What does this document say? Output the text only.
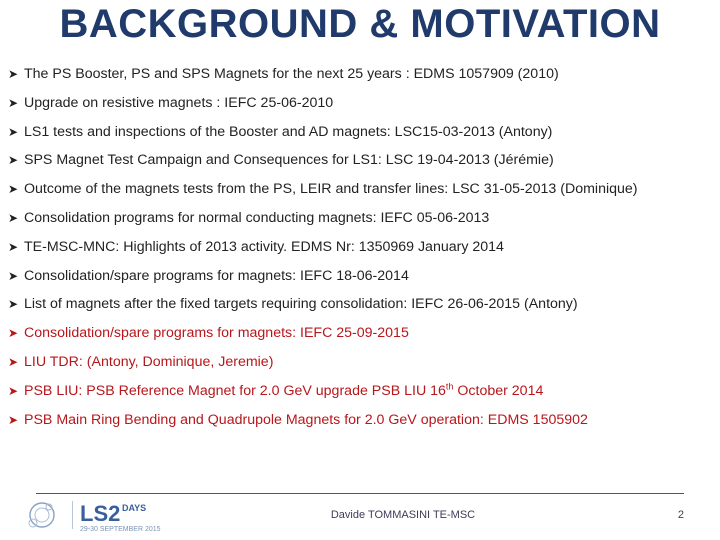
BACKGROUND & MOTIVATION
➤ The PS Booster, PS and SPS Magnets for the next 25 years : EDMS 1057909 (2010)
➤ Upgrade on resistive magnets : IEFC 25-06-2010
➤ LS1 tests and inspections of the Booster and AD magnets: LSC15-03-2013 (Antony)
➤ SPS Magnet Test Campaign and Consequences for LS1: LSC 19-04-2013 (Jérémie)
➤ Outcome of the magnets tests from the PS, LEIR and transfer lines: LSC 31-05-2013 (Dominique)
➤ Consolidation programs for normal conducting magnets: IEFC 05-06-2013
➤ TE-MSC-MNC: Highlights of 2013 activity. EDMS Nr: 1350969 January 2014
➤ Consolidation/spare programs for magnets: IEFC 18-06-2014
➤ List of magnets after the fixed targets requiring consolidation: IEFC 26-06-2015 (Antony)
➤ Consolidation/spare programs for magnets: IEFC 25-09-2015
➤ LIU TDR: (Antony, Dominique, Jeremie)
➤ PSB LIU: PSB Reference Magnet for 2.0 GeV upgrade PSB LIU 16th October 2014
➤ PSB Main Ring Bending and Quadrupole Magnets for 2.0 GeV operation: EDMS 1505902
LS2 DAYS
29-30 SEPTEMBER 2015
Davide TOMMASINI TE-MSC	2
